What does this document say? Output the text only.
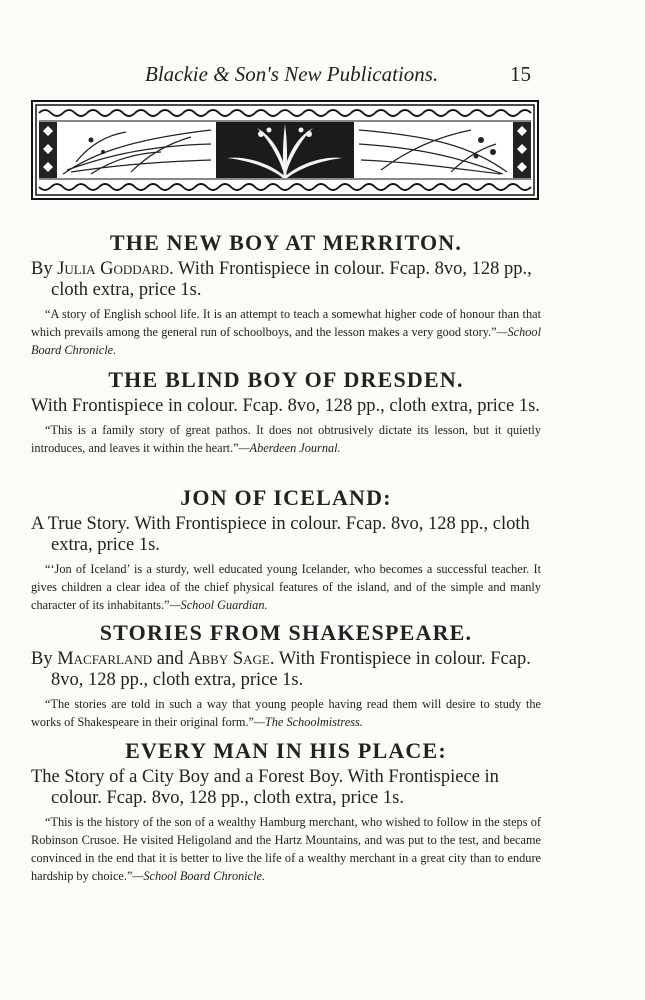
Blackie & Son's New Publications.	15
THE NEW BOY AT MERRITON.

By Julia Goddard. With Frontispiece in colour. Fcap. 8vo, 128 pp., cloth extra, price 1s.

“A story of English school life. It is an attempt to teach a somewhat higher code of honour than that which prevails among the general run of schoolboys, and the lesson makes a very good story.”—School Board Chronicle.

THE BLIND BOY OF DRESDEN.

With Frontispiece in colour. Fcap. 8vo, 128 pp., cloth extra, price 1s.

“This is a family story of great pathos. It does not obtrusively dictate its lesson, but it quietly introduces, and leaves it within the heart.”—Aberdeen Journal.

JON OF ICELAND:

A True Story. With Frontispiece in colour. Fcap. 8vo, 128 pp., cloth extra, price 1s.

“‘Jon of Iceland’ is a sturdy, well educated young Icelander, who becomes a successful teacher. It gives children a clear idea of the chief physical features of the island, and of the simple and manly character of its inhabitants.”—School Guardian.

STORIES FROM SHAKESPEARE.

By Macfarland and Abby Sage. With Frontispiece in colour. Fcap. 8vo, 128 pp., cloth extra, price 1s.

“The stories are told in such a way that young people having read them will desire to study the works of Shakespeare in their original form.”—The Schoolmistress.

EVERY MAN IN HIS PLACE:

The Story of a City Boy and a Forest Boy. With Frontispiece in colour. Fcap. 8vo, 128 pp., cloth extra, price 1s.

“This is the history of the son of a wealthy Hamburg merchant, who wished to follow in the steps of Robinson Crusoe. He visited Heligoland and the Hartz Mountains, and was put to the test, and became convinced in the end that it is better to live the life of a wealthy merchant in a great city than to endure hardship by choice.”—School Board Chronicle.
